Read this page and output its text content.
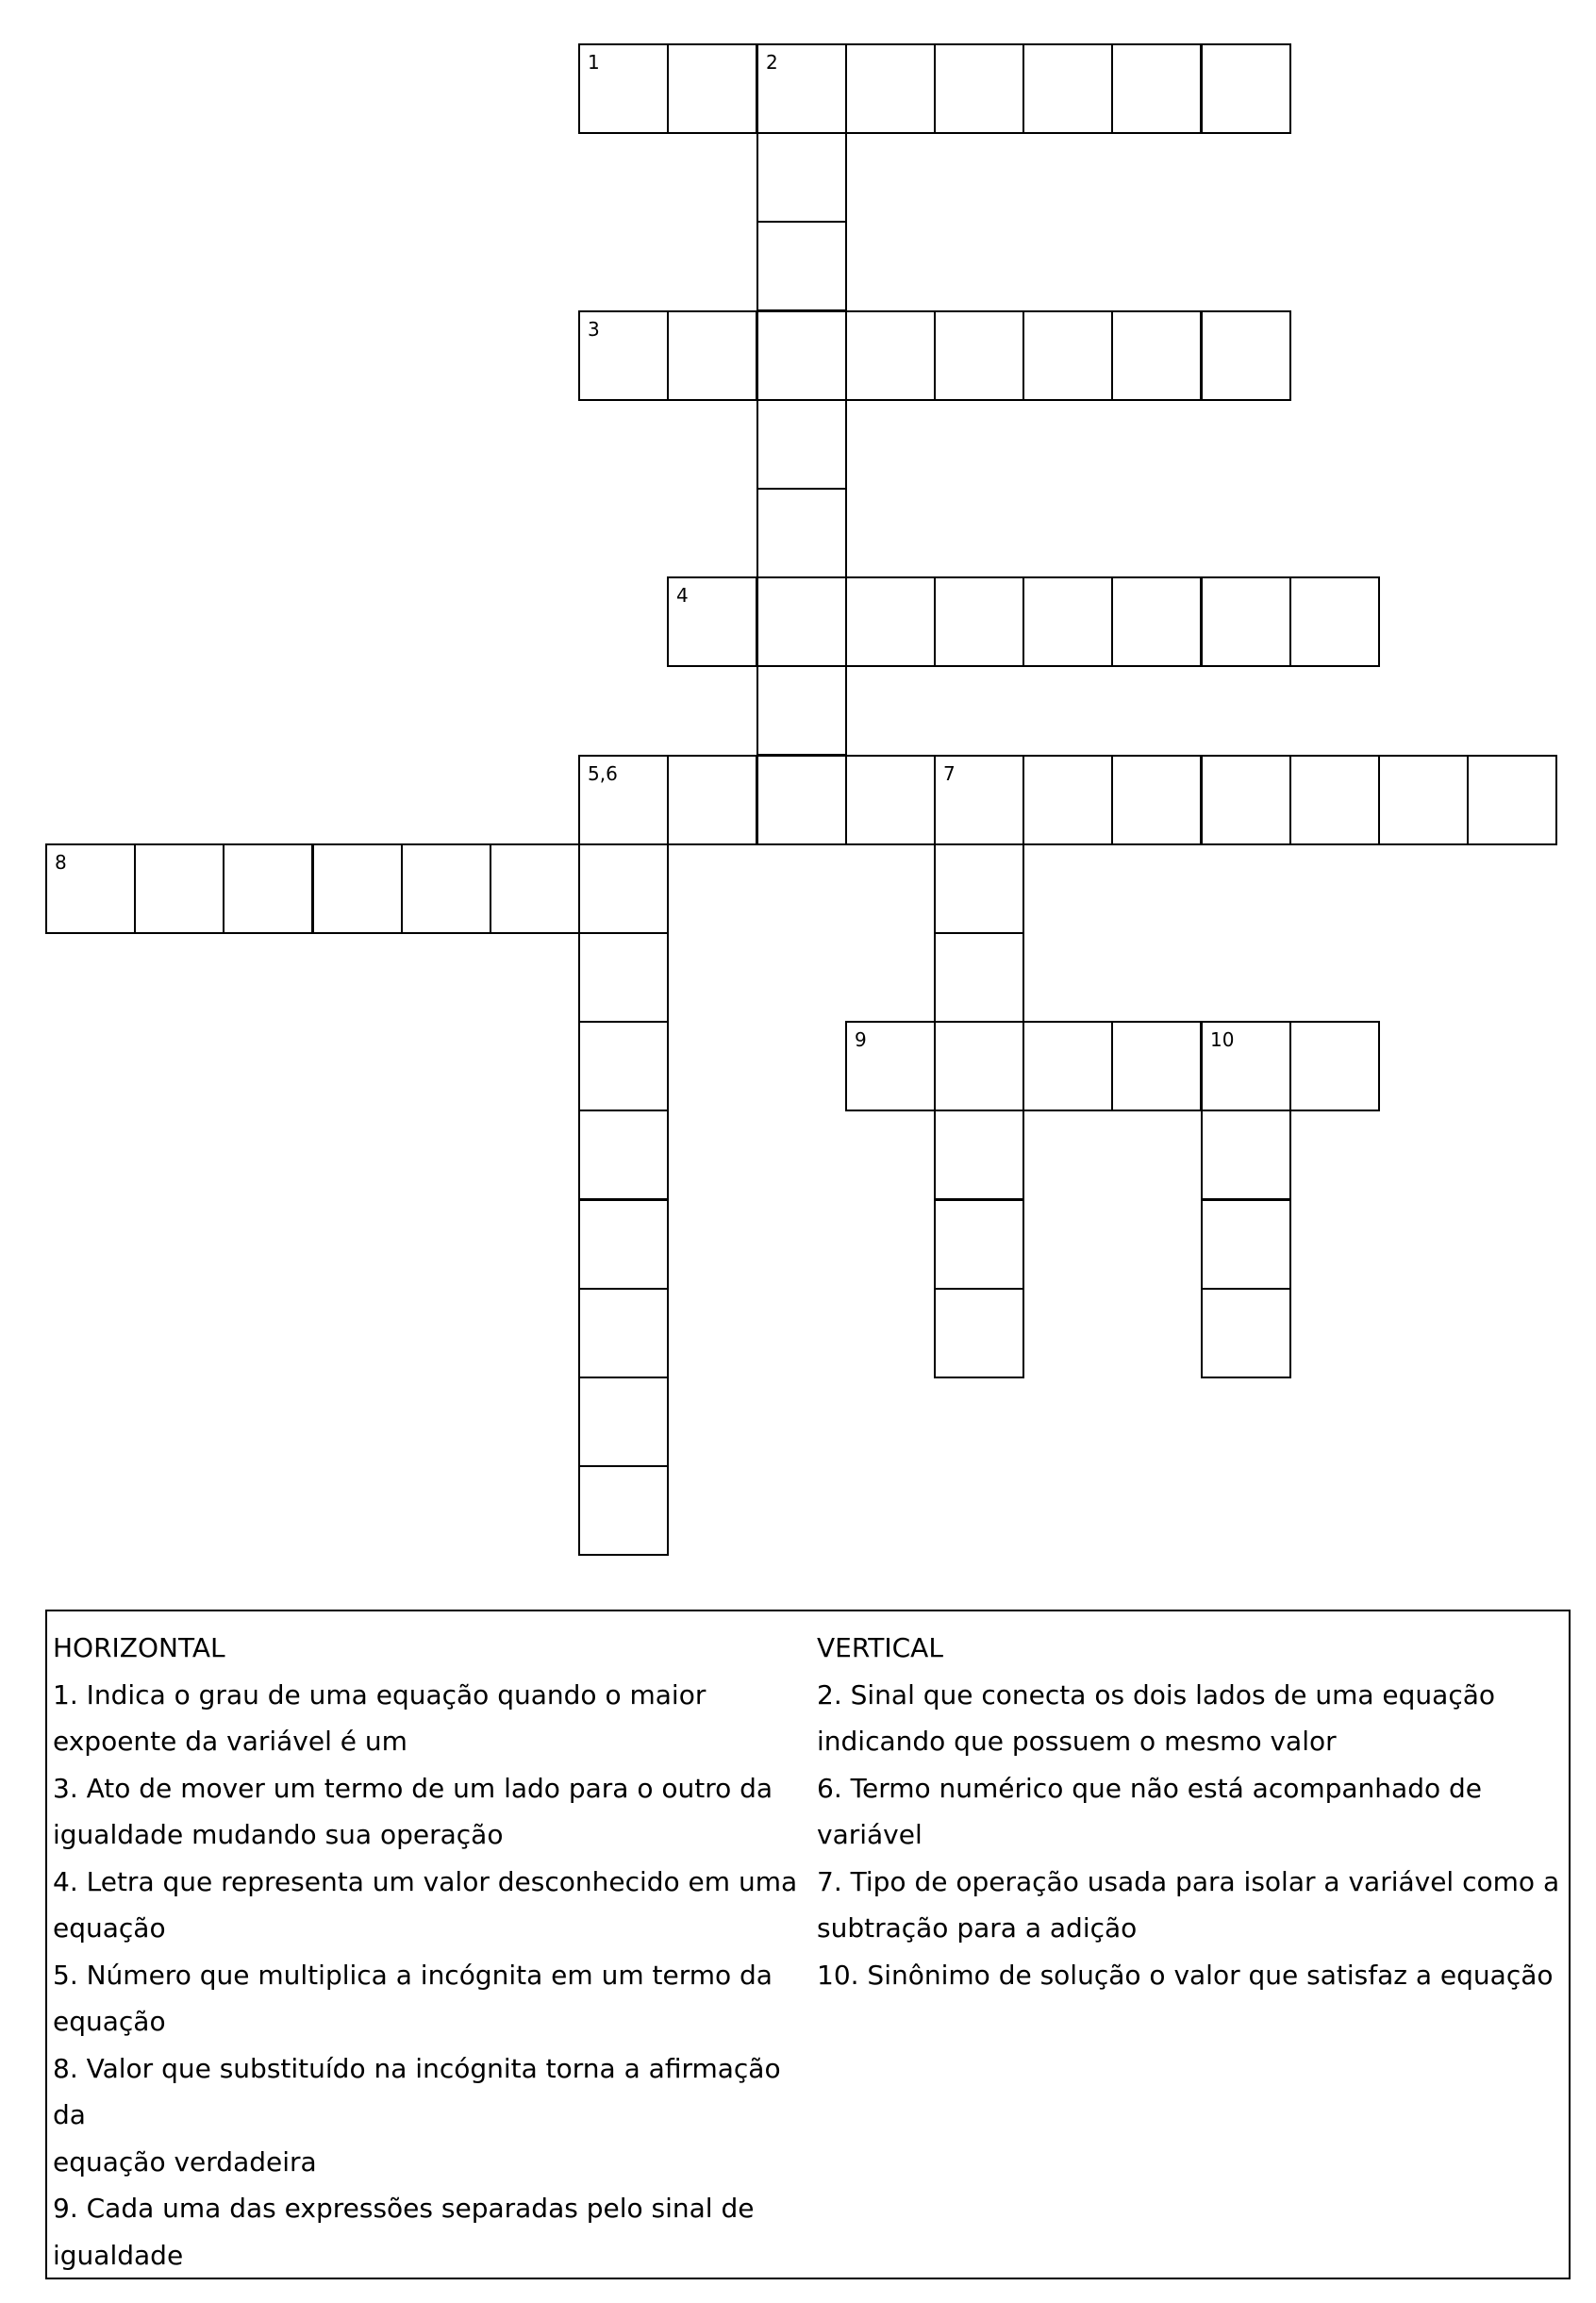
1	2
3
4
5,6	7
8
9	10
HORIZONTAL
1. Indica o grau de uma equação quando o maior
expoente da variável é um
3. Ato de mover um termo de um lado para o outro da
igualdade mudando sua operação
4. Letra que representa um valor desconhecido em uma
equação
5. Número que multiplica a incógnita em um termo da
equação
8. Valor que substituído na incógnita torna a afirmação da
equação verdadeira
9. Cada uma das expressões separadas pelo sinal de
igualdade
VERTICAL
2. Sinal que conecta os dois lados de uma equação
indicando que possuem o mesmo valor
6. Termo numérico que não está acompanhado de variável
7. Tipo de operação usada para isolar a variável como a
subtração para a adição
10. Sinônimo de solução o valor que satisfaz a equação
